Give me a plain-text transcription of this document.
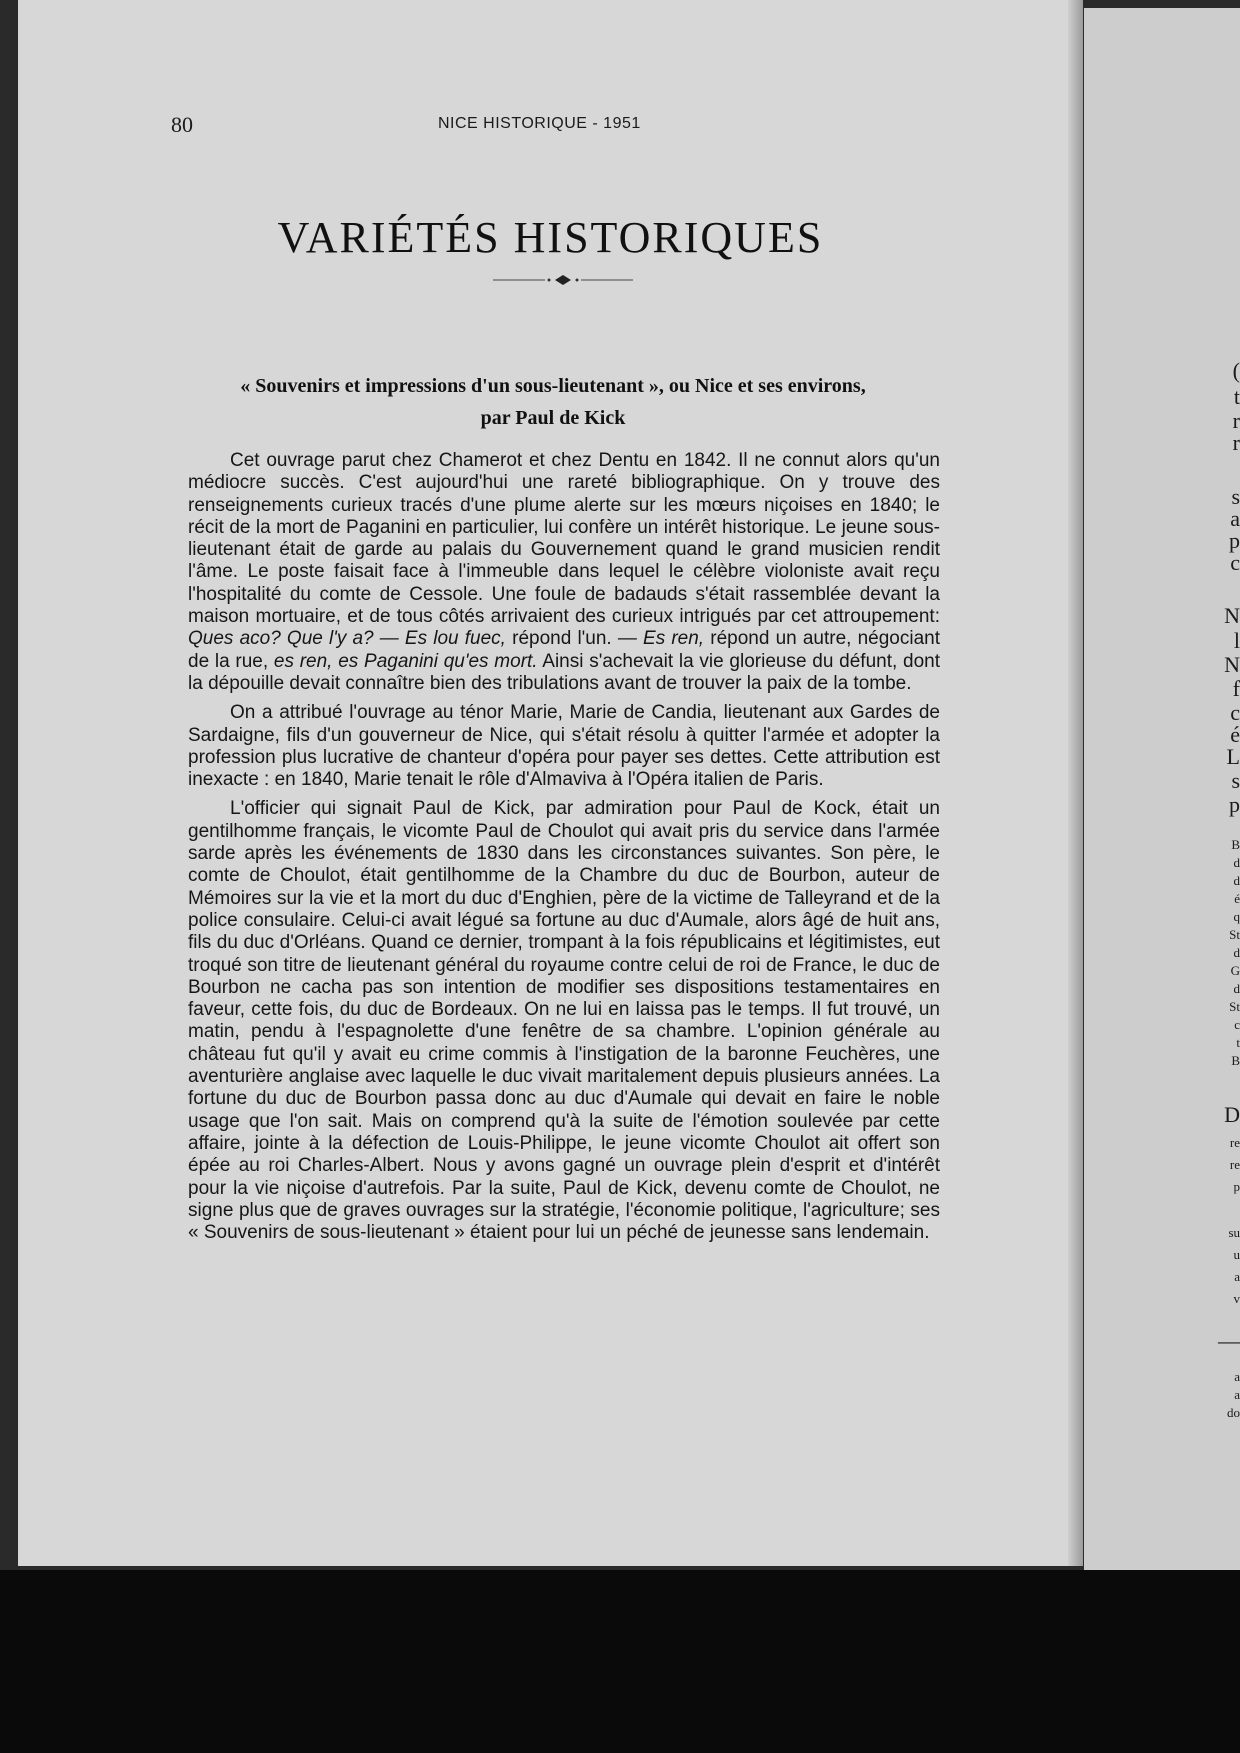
80	NICE HISTORIQUE - 1951
VARIÉTÉS HISTORIQUES
« Souvenirs et impressions d'un sous-lieutenant », ou Nice et ses environs,
par Paul de Kick

Cet ouvrage parut chez Chamerot et chez Dentu en 1842. Il ne connut alors qu'un médiocre succès. C'est aujourd'hui une rareté bibliographique. On y trouve des renseignements curieux tracés d'une plume alerte sur les mœurs niçoises en 1840; le récit de la mort de Paganini en particulier, lui confère un intérêt historique. Le jeune sous-lieutenant était de garde au palais du Gouvernement quand le grand musicien rendit l'âme. Le poste faisait face à l'immeuble dans lequel le célèbre violoniste avait reçu l'hospitalité du comte de Cessole. Une foule de badauds s'était rassemblée devant la maison mortuaire, et de tous côtés arrivaient des curieux intrigués par cet attroupement: Ques aco? Que l'y a? — Es lou fuec, répond l'un. — Es ren, répond un autre, négociant de la rue, es ren, es Paganini qu'es mort. Ainsi s'achevait la vie glorieuse du défunt, dont la dépouille devait connaître bien des tribulations avant de trouver la paix de la tombe.

On a attribué l'ouvrage au ténor Marie, Marie de Candia, lieutenant aux Gardes de Sardaigne, fils d'un gouverneur de Nice, qui s'était résolu à quitter l'armée et adopter la profession plus lucrative de chanteur d'opéra pour payer ses dettes. Cette attribution est inexacte : en 1840, Marie tenait le rôle d'Almaviva à l'Opéra italien de Paris.

L'officier qui signait Paul de Kick, par admiration pour Paul de Kock, était un gentilhomme français, le vicomte Paul de Choulot qui avait pris du service dans l'armée sarde après les événements de 1830 dans les circonstances suivantes. Son père, le comte de Choulot, était gentilhomme de la Chambre du duc de Bourbon, auteur de Mémoires sur la vie et la mort du duc d'Enghien, père de la victime de Talleyrand et de la police consulaire. Celui-ci avait légué sa fortune au duc d'Aumale, alors âgé de huit ans, fils du duc d'Orléans. Quand ce dernier, trompant à la fois républicains et légitimistes, eut troqué son titre de lieutenant général du royaume contre celui de roi de France, le duc de Bourbon ne cacha pas son intention de modifier ses dispositions testamentaires en faveur, cette fois, du duc de Bordeaux. On ne lui en laissa pas le temps. Il fut trouvé, un matin, pendu à l'espagnolette d'une fenêtre de sa chambre. L'opinion générale au château fut qu'il y avait eu crime commis à l'instigation de la baronne Feuchères, une aventurière anglaise avec laquelle le duc vivait maritalement depuis plusieurs années. La fortune du duc de Bourbon passa donc au duc d'Aumale qui devait en faire le noble usage que l'on sait. Mais on comprend qu'à la suite de l'émotion soulevée par cette affaire, jointe à la défection de Louis-Philippe, le jeune vicomte Choulot ait offert son épée au roi Charles-Albert. Nous y avons gagné un ouvrage plein d'esprit et d'intérêt pour la vie niçoise d'autrefois. Par la suite, Paul de Kick, devenu comte de Choulot, ne signe plus que de graves ouvrages sur la stratégie, l'économie politique, l'agriculture; ses « Souvenirs de sous-lieutenant » étaient pour lui un péché de jeunesse sans lendemain.

(

t

r

r

s

a

p

c

N

l

N

f

c

é

L

s

p

B

d

d

é

q

St

d

G

d

St

c

t

B

D

re

re

p

su

u

a

v

—

a

a

do
